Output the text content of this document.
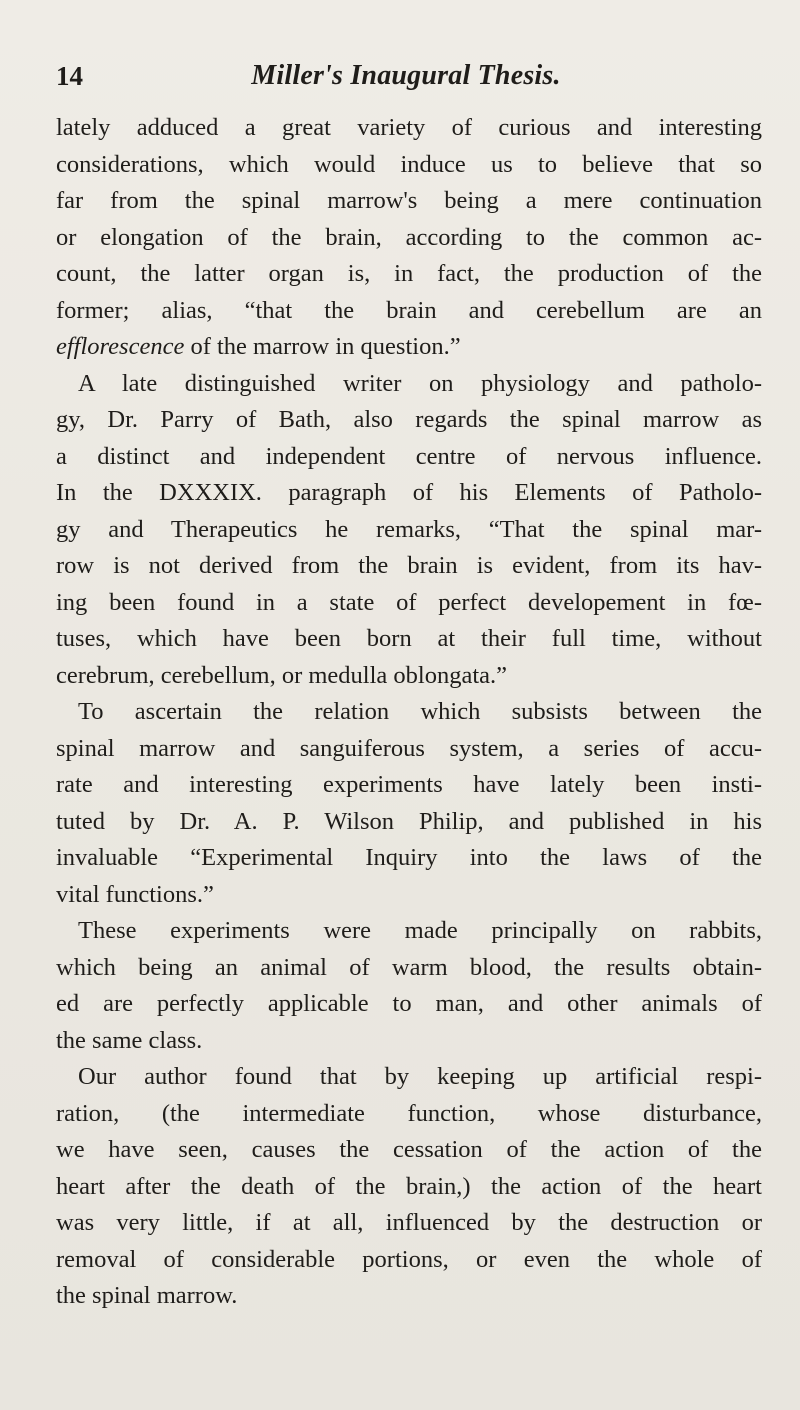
14	Miller's Inaugural Thesis.
lately adduced a great variety of curious and interesting
considerations, which would induce us to believe that so
far from the spinal marrow's being a mere continuation
or elongation of the brain, according to the common ac-
count, the latter organ is, in fact, the production of the
former; alias, “that the brain and cerebellum are an
efflorescence of the marrow in question.”
A late distinguished writer on physiology and patholo-
gy, Dr. Parry of Bath, also regards the spinal marrow as
a distinct and independent centre of nervous influence.
In the DXXXIX. paragraph of his Elements of Patholo-
gy and Therapeutics he remarks, “That the spinal mar-
row is not derived from the brain is evident, from its hav-
ing been found in a state of perfect developement in fœ-
tuses, which have been born at their full time, without
cerebrum, cerebellum, or medulla oblongata.”
To ascertain the relation which subsists between the
spinal marrow and sanguiferous system, a series of accu-
rate and interesting experiments have lately been insti-
tuted by Dr. A. P. Wilson Philip, and published in his
invaluable “Experimental Inquiry into the laws of the
vital functions.”
These experiments were made principally on rabbits,
which being an animal of warm blood, the results obtain-
ed are perfectly applicable to man, and other animals of
the same class.
Our author found that by keeping up artificial respi-
ration, (the intermediate function, whose disturbance,
we have seen, causes the cessation of the action of the
heart after the death of the brain,) the action of the heart
was very little, if at all, influenced by the destruction or
removal of considerable portions, or even the whole of
the spinal marrow.
